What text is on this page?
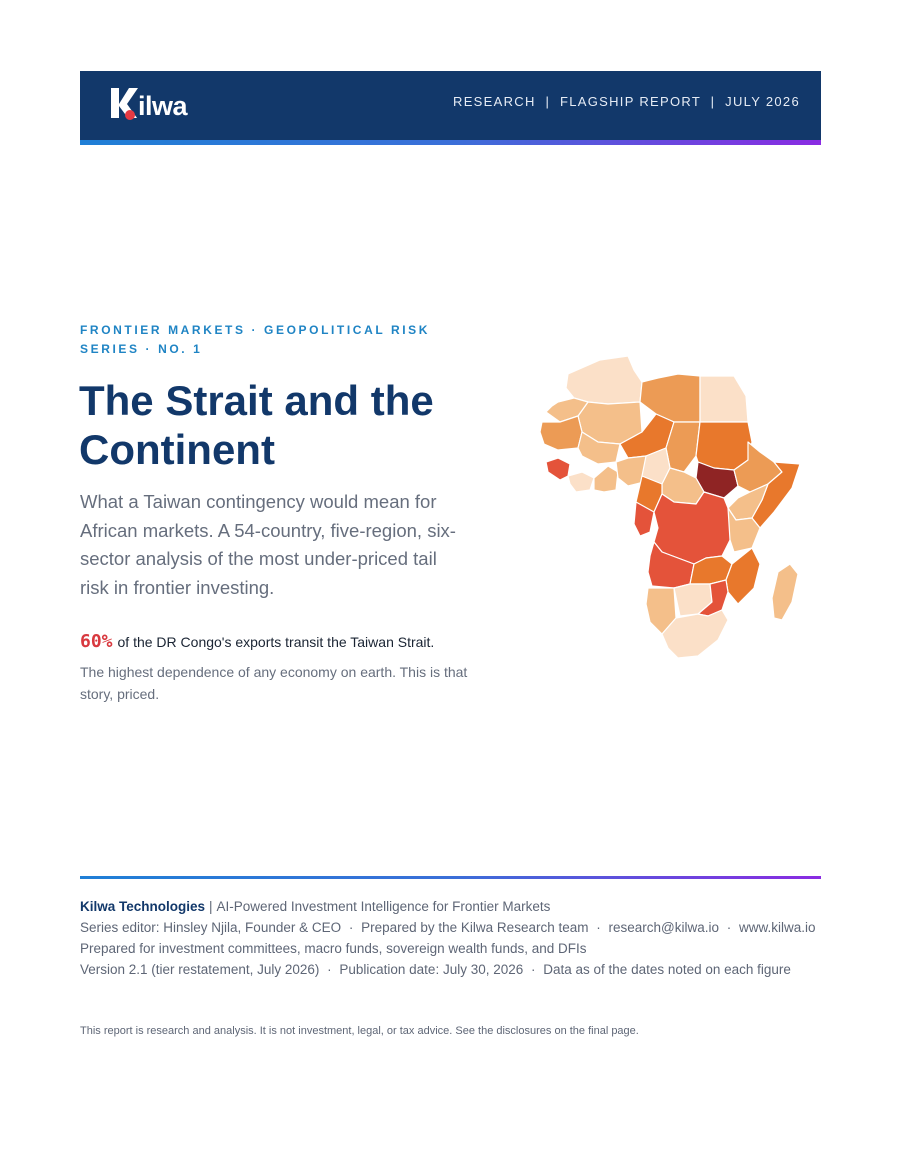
ilwa	RESEARCH  |  FLAGSHIP REPORT  |  JULY 2026
FRONTIER MARKETS · GEOPOLITICAL RISK SERIES · NO. 1
The Strait and the Continent

What a Taiwan contingency would mean for African markets. A 54-country, five-region, six-sector analysis of the most under-priced tail risk in frontier investing.

60% of the DR Congo's exports transit the Taiwan Strait.

The highest dependence of any economy on earth. This is that story, priced.

Kilwa Technologies | AI-Powered Investment Intelligence for Frontier Markets
Series editor: Hinsley Njila, Founder & CEO · Prepared by the Kilwa Research team · research@kilwa.io · www.kilwa.io
Prepared for investment committees, macro funds, sovereign wealth funds, and DFIs
Version 2.1 (tier restatement, July 2026) · Publication date: July 30, 2026 · Data as of the dates noted on each figure
This report is research and analysis. It is not investment, legal, or tax advice. See the disclosures on the final page.
